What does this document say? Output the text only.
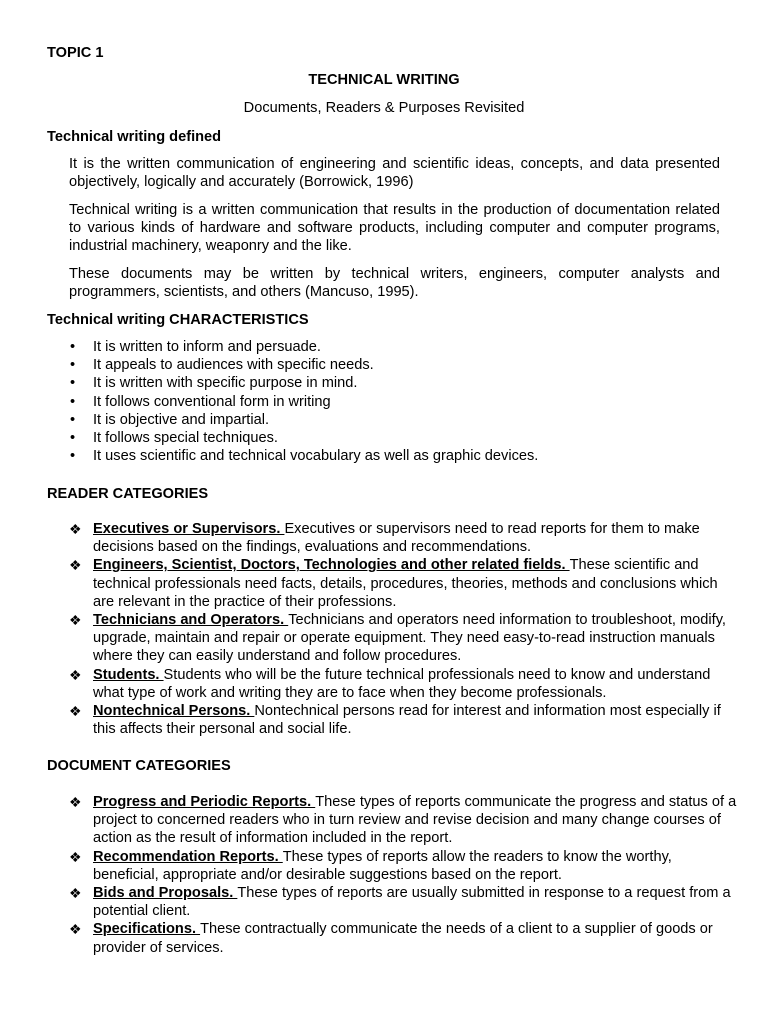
TOPIC 1
TECHNICAL WRITING
Documents, Readers & Purposes Revisited
Technical writing defined
It is the written communication of engineering and scientific ideas, concepts, and data presented objectively, logically and accurately (Borrowick, 1996)
Technical writing is a written communication that results in the production of documentation related to various kinds of hardware and software products, including computer and computer programs, industrial machinery, weaponry and the like.
These documents may be written by technical writers, engineers, computer analysts and programmers, scientists, and others (Mancuso, 1995).
Technical writing CHARACTERISTICS
• It is written to inform and persuade.
• It appeals to audiences with specific needs.
• It is written with specific purpose in mind.
• It follows conventional form in writing
• It is objective and impartial.
• It follows special techniques.
• It uses scientific and technical vocabulary as well as graphic devices.
READER CATEGORIES
❖ Executives or Supervisors. Executives or supervisors need to read reports for them to make decisions based on the findings, evaluations and recommendations.
❖ Engineers, Scientist, Doctors, Technologies and other related fields. These scientific and technical professionals need facts, details, procedures, theories, methods and conclusions which are relevant in the practice of their professions.
❖ Technicians and Operators. Technicians and operators need information to troubleshoot, modify, upgrade, maintain and repair or operate equipment. They need easy-to-read instruction manuals where they can easily understand and follow procedures.
❖ Students. Students who will be the future technical professionals need to know and understand what type of work and writing they are to face when they become professionals.
❖ Nontechnical Persons. Nontechnical persons read for interest and information most especially if this affects their personal and social life.
DOCUMENT CATEGORIES
❖ Progress and Periodic Reports. These types of reports communicate the progress and status of a project to concerned readers who in turn review and revise decision and many change courses of action as the result of information included in the report.
❖ Recommendation Reports. These types of reports allow the readers to know the worthy, beneficial, appropriate and/or desirable suggestions based on the report.
❖ Bids and Proposals. These types of reports are usually submitted in response to a request from a potential client.
❖ Specifications. These contractually communicate the needs of a client to a supplier of goods or provider of services.
